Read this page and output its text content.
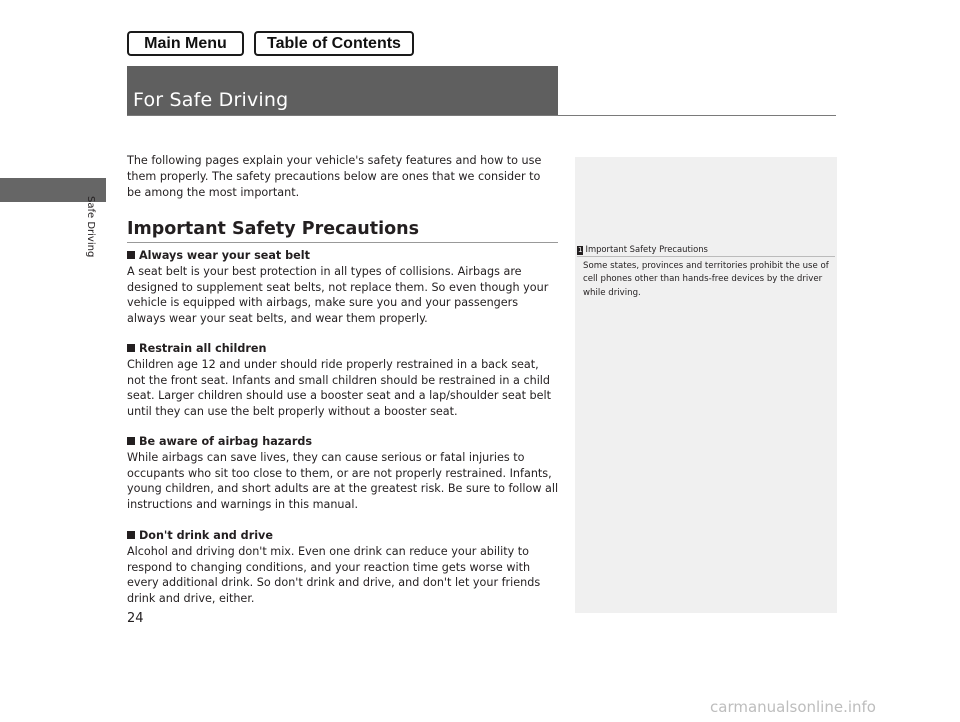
Main Menu	Table of Contents
For Safe Driving
Safe Driving

The following pages explain your vehicle's safety features and how to use them properly. The safety precautions below are ones that we consider to be among the most important.

Important Safety Precautions

Always wear your seat belt

A seat belt is your best protection in all types of collisions. Airbags are designed to supplement seat belts, not replace them. So even though your vehicle is equipped with airbags, make sure you and your passengers always wear your seat belts, and wear them properly.

Restrain all children

Children age 12 and under should ride properly restrained in a back seat, not the front seat. Infants and small children should be restrained in a child seat. Larger children should use a booster seat and a lap/shoulder seat belt until they can use the belt properly without a booster seat.

Be aware of airbag hazards

While airbags can save lives, they can cause serious or fatal injuries to occupants who sit too close to them, or are not properly restrained. Infants, young children, and short adults are at the greatest risk. Be sure to follow all instructions and warnings in this manual.

Don't drink and drive

Alcohol and driving don't mix. Even one drink can reduce your ability to respond to changing conditions, and your reaction time gets worse with every additional drink. So don't drink and drive, and don't let your friends drink and drive, either.

1 Important Safety Precautions

Some states, provinces and territories prohibit the use of cell phones other than hands-free devices by the driver while driving.

24
carmanualsonline.info
